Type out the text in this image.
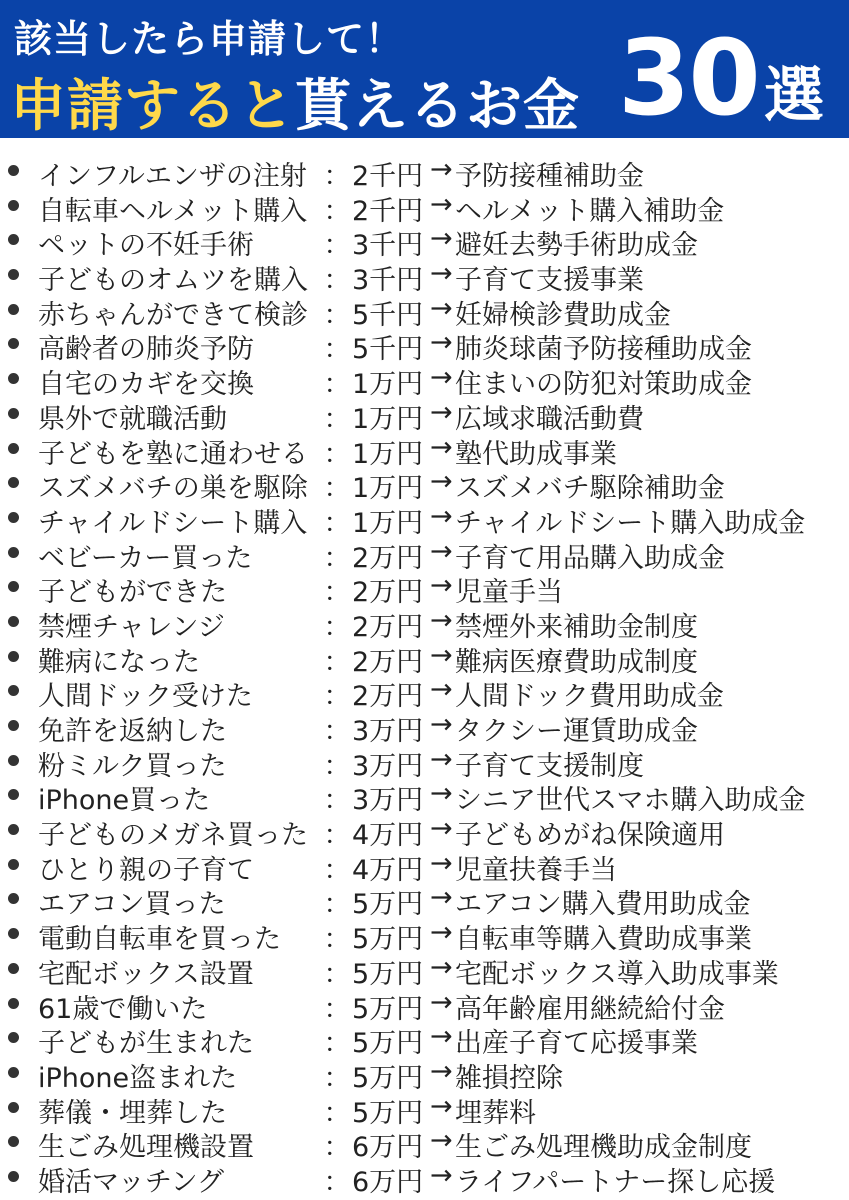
該当したら申請して！
申請すると貰えるお金 30 選
インフルエンザの注射 ： 2千円 → 予防接種補助金
自転車ヘルメット購入 ： 2千円 → ヘルメット購入補助金
ペットの不妊手術	： 3千円 → 避妊去勢手術助成金
子どものオムツを購入 ： 3千円 → 子育て支援事業
赤ちゃんができて検診 ： 5千円 → 妊婦検診費助成金
高齢者の肺炎予防	： 5千円 → 肺炎球菌予防接種助成金
自宅のカギを交換	： 1万円 → 住まいの防犯対策助成金
県外で就職活動	： 1万円 → 広域求職活動費
子どもを塾に通わせる ： 1万円 → 塾代助成事業
スズメバチの巣を駆除 ： 1万円 → スズメバチ駆除補助金
チャイルドシート購入 ： 1万円 → チャイルドシート購入助成金
ベビーカー買った	： 2万円 → 子育て用品購入助成金
子どもができた	： 2万円 → 児童手当
禁煙チャレンジ	： 2万円 → 禁煙外来補助金制度
難病になった	： 2万円 → 難病医療費助成制度
人間ドック受けた	： 2万円 → 人間ドック費用助成金
免許を返納した	： 3万円 → タクシー運賃助成金
粉ミルク買った	： 3万円 → 子育て支援制度
iPhone買った	： 3万円 → シニア世代スマホ購入助成金
子どものメガネ買った ： 4万円 → 子どもめがね保険適用
ひとり親の子育て	： 4万円 → 児童扶養手当
エアコン買った	： 5万円 → エアコン購入費用助成金
電動自転車を買った ： 5万円 → 自転車等購入費助成事業
宅配ボックス設置	： 5万円 → 宅配ボックス導入助成事業
61歳で働いた	： 5万円 → 高年齢雇用継続給付金
子どもが生まれた	： 5万円 → 出産子育て応援事業
iPhone盗まれた	： 5万円 → 雑損控除
葬儀・埋葬した	： 5万円 → 埋葬料
生ごみ処理機設置	： 6万円 → 生ごみ処理機助成金制度
婚活マッチング	： 6万円 → ライフパートナー探し応援
